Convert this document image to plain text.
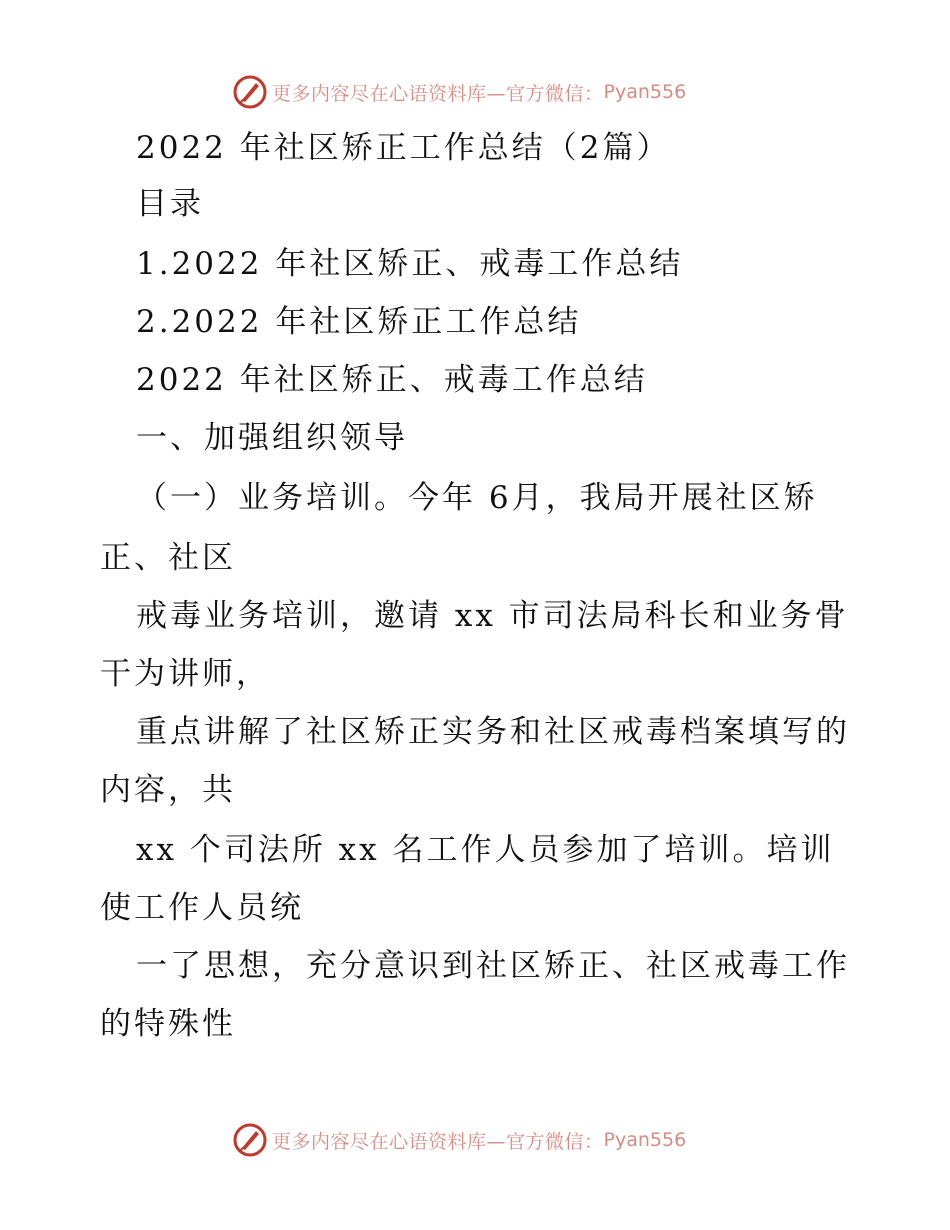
更多内容尽在心语资料库—官方微信： Pyan556
2022 年社区矫正工作总结（2篇）
目录
1.2022 年社区矫正、戒毒工作总结
2.2022 年社区矫正工作总结
2022 年社区矫正、戒毒工作总结
一、加强组织领导
（一）业务培训。今年 6月，我局开展社区矫
正、社区
戒毒业务培训，邀请 xx 市司法局科长和业务骨
干为讲师，
重点讲解了社区矫正实务和社区戒毒档案填写的
内容，共
xx 个司法所 xx 名工作人员参加了培训。培训
使工作人员统
一了思想，充分意识到社区矫正、社区戒毒工作
的特殊性
更多内容尽在心语资料库—官方微信： Pyan556
